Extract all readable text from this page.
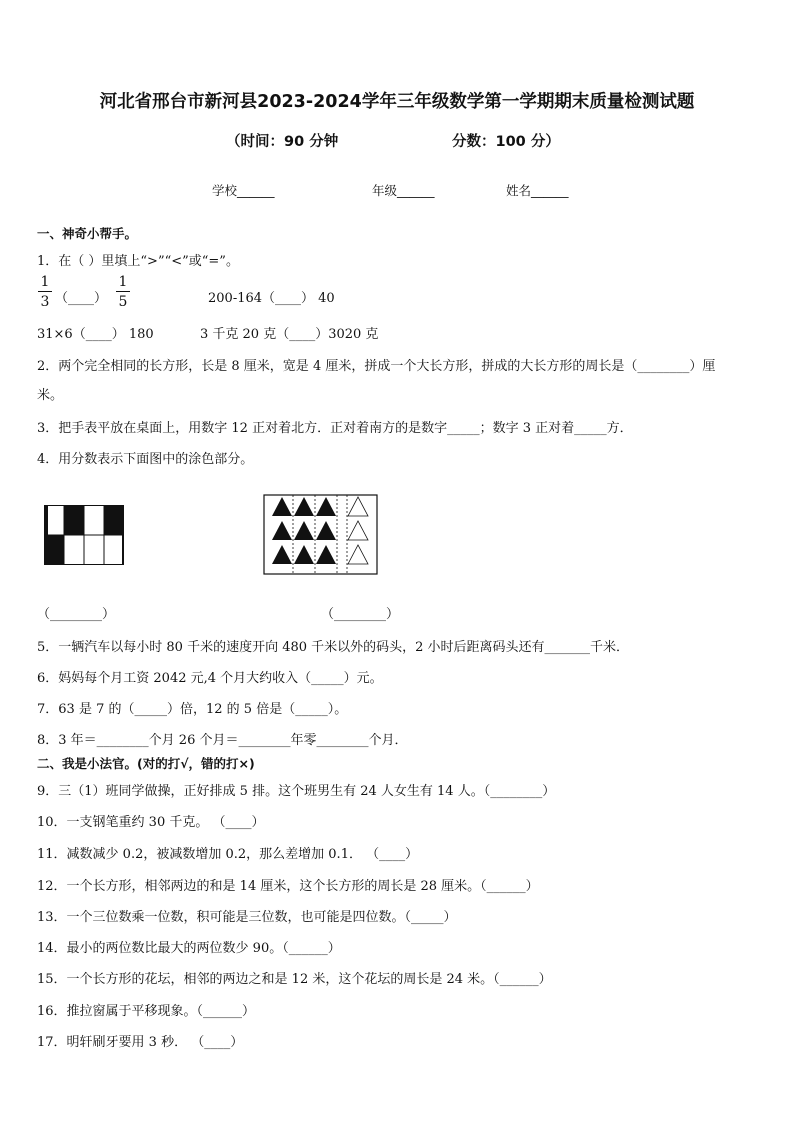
河北省邢台市新河县2023-2024学年三年级数学第一学期期末质量检测试题
（时间：90 分钟	分数：100 分）
学校______	年级______	姓名______
一、神奇小帮手。
1．在（ ）里填上“>”“<”或“=”。
1
3 （____）
1
5	200-164（____） 40
31×6（____） 180	3 千克 20 克（____）3020 克
2．两个完全相同的长方形，长是 8 厘米，宽是 4 厘米，拼成一个大长方形，拼成的大长方形的周长是（________）厘
米。
3．把手表平放在桌面上，用数字 12 正对着北方．正对着南方的是数字_____；数字 3 正对着_____方．
4．用分数表示下面图中的涂色部分。
（________）	（________）
5．一辆汽车以每小时 80 千米的速度开向 480 千米以外的码头，2 小时后距离码头还有_______千米．
6．妈妈每个月工资 2042 元,4 个月大约收入（_____）元。
7．63 是 7 的（_____）倍，12 的 5 倍是（_____）。
8．3 年＝________个月 26 个月＝________年零________个月．
二、我是小法官。(对的打√，错的打×)
9．三（1）班同学做操，正好排成 5 排。这个班男生有 24 人女生有 14 人。（________）
10．一支钢笔重约 30 千克。 （____）
11．减数减少 0.2，被减数增加 0.2，那么差增加 0.1． （____）
12．一个长方形，相邻两边的和是 14 厘米，这个长方形的周长是 28 厘米。（______）
13．一个三位数乘一位数，积可能是三位数，也可能是四位数。（_____）
14．最小的两位数比最大的两位数少 90。（______）
15．一个长方形的花坛，相邻的两边之和是 12 米，这个花坛的周长是 24 米。（______）
16．推拉窗属于平移现象。（______）
17．明轩刷牙要用 3 秒． （____）
